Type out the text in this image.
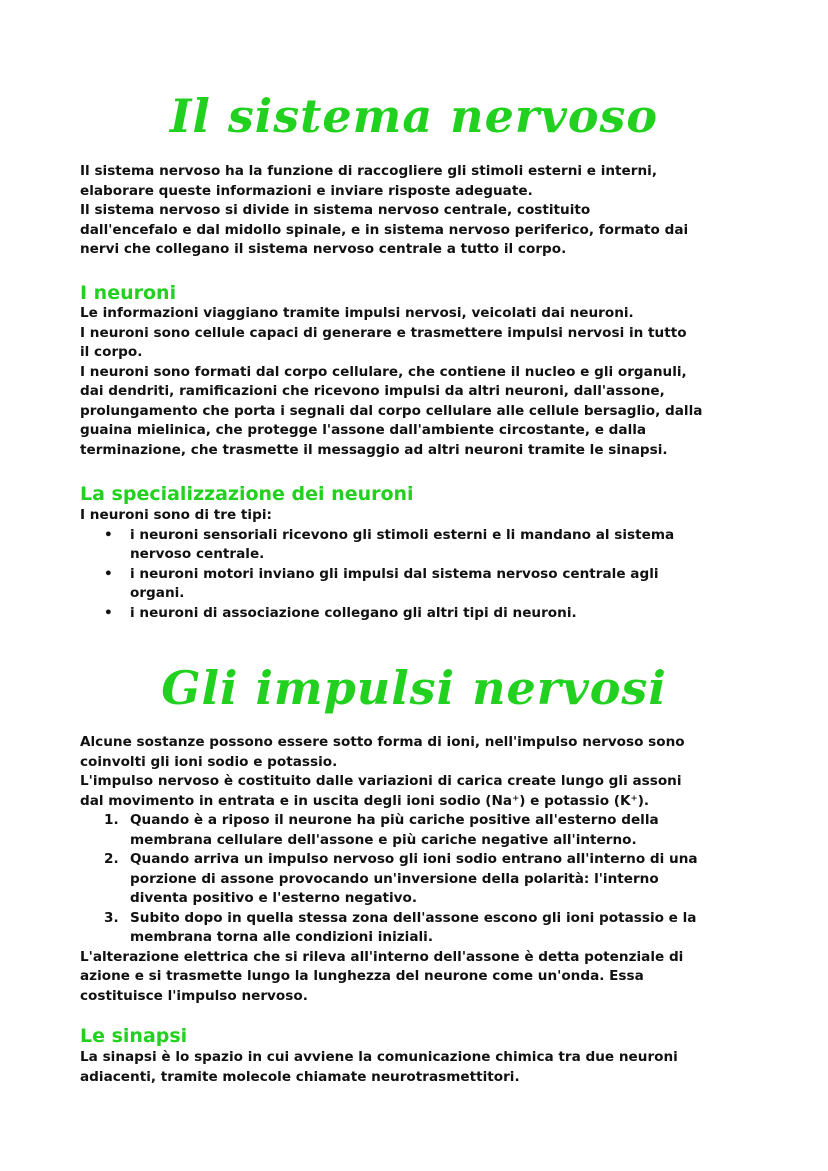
Il sistema nervoso

Il sistema nervoso ha la funzione di raccogliere gli stimoli esterni e interni,

elaborare queste informazioni e inviare risposte adeguate.

Il sistema nervoso si divide in sistema nervoso centrale, costituito

dall'encefalo e dal midollo spinale, e in sistema nervoso periferico, formato dai

nervi che collegano il sistema nervoso centrale a tutto il corpo.

I neuroni

Le informazioni viaggiano tramite impulsi nervosi, veicolati dai neuroni.

I neuroni sono cellule capaci di generare e trasmettere impulsi nervosi in tutto

il corpo.

I neuroni sono formati dal corpo cellulare, che contiene il nucleo e gli organuli,

dai dendriti, ramificazioni che ricevono impulsi da altri neuroni, dall'assone,

prolungamento che porta i segnali dal corpo cellulare alle cellule bersaglio, dalla

guaina mielinica, che protegge l'assone dall'ambiente circostante, e dalla

terminazione, che trasmette il messaggio ad altri neuroni tramite le sinapsi.

La specializzazione dei neuroni

I neuroni sono di tre tipi:

• i neuroni sensoriali ricevono gli stimoli esterni e li mandano al sistema
nervoso centrale.
• i neuroni motori inviano gli impulsi dal sistema nervoso centrale agli
organi.
• i neuroni di associazione collegano gli altri tipi di neuroni.
Gli impulsi nervosi

Alcune sostanze possono essere sotto forma di ioni, nell'impulso nervoso sono

coinvolti gli ioni sodio e potassio.

L'impulso nervoso è costituito dalle variazioni di carica create lungo gli assoni

dal movimento in entrata e in uscita degli ioni sodio (Na⁺) e potassio (K⁺).

1. Quando è a riposo il neurone ha più cariche positive all'esterno della
membrana cellulare dell'assone e più cariche negative all'interno.
2. Quando arriva un impulso nervoso gli ioni sodio entrano all'interno di una
porzione di assone provocando un'inversione della polarità: l'interno
diventa positivo e l'esterno negativo.
3. Subito dopo in quella stessa zona dell'assone escono gli ioni potassio e la
membrana torna alle condizioni iniziali.

L'alterazione elettrica che si rileva all'interno dell'assone è detta potenziale di

azione e si trasmette lungo la lunghezza del neurone come un'onda. Essa

costituisce l'impulso nervoso.

Le sinapsi

La sinapsi è lo spazio in cui avviene la comunicazione chimica tra due neuroni

adiacenti, tramite molecole chiamate neurotrasmettitori.
